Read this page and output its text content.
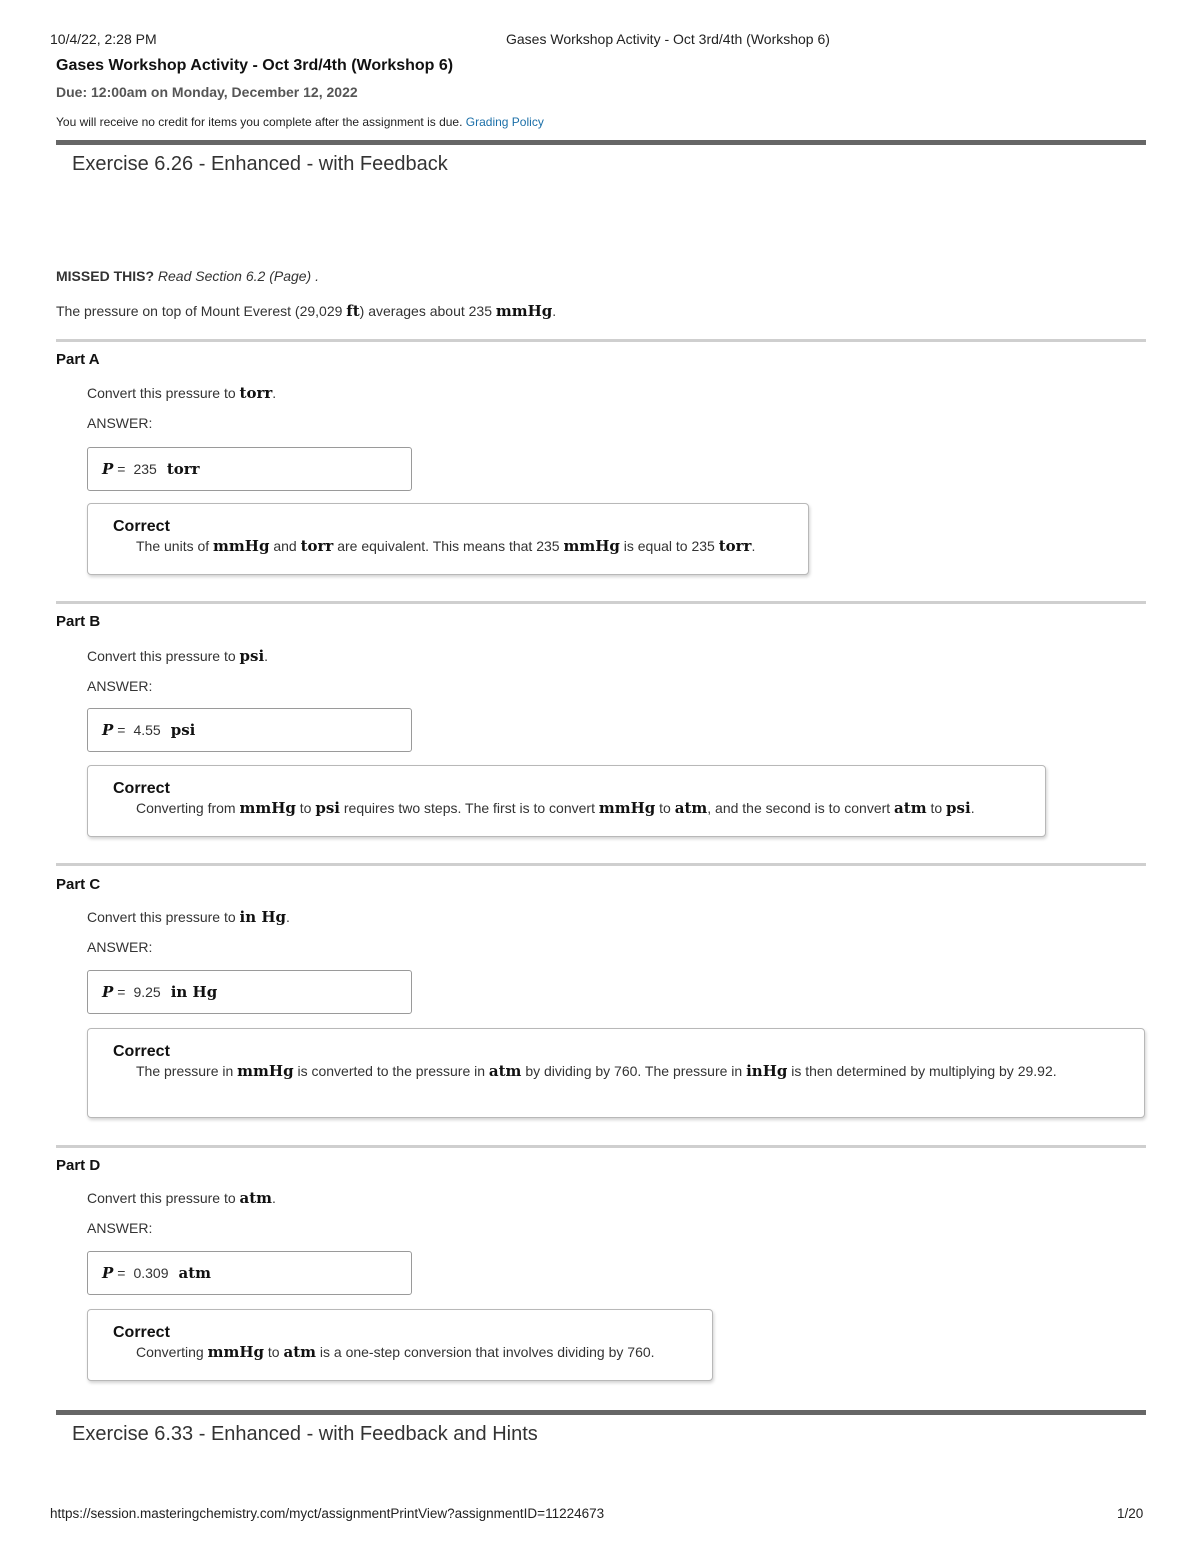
10/4/22, 2:28 PM	Gases Workshop Activity - Oct 3rd/4th (Workshop 6)
Gases Workshop Activity - Oct 3rd/4th (Workshop 6)
Due: 12:00am on Monday, December 12, 2022
You will receive no credit for items you complete after the assignment is due. Grading Policy
Exercise 6.26 - Enhanced - with Feedback
MISSED THIS? Read Section 6.2 (Page) .
The pressure on top of Mount Everest (29,029 ft) averages about 235 mmHg.
Part A
Convert this pressure to torr.
ANSWER:
P = 235 torr
Correct
The units of mmHg and torr are equivalent. This means that 235 mmHg is equal to 235 torr.
Part B
Convert this pressure to psi.
ANSWER:
P = 4.55 psi
Correct
Converting from mmHg to psi requires two steps. The first is to convert mmHg to atm, and the second is to convert atm to psi.
Part C
Convert this pressure to in Hg.
ANSWER:
P = 9.25 in Hg
Correct
The pressure in mmHg is converted to the pressure in atm by dividing by 760. The pressure in inHg is then determined by multiplying by 29.92.
Part D
Convert this pressure to atm.
ANSWER:
P = 0.309 atm
Correct
Converting mmHg to atm is a one-step conversion that involves dividing by 760.
Exercise 6.33 - Enhanced - with Feedback and Hints
https://session.masteringchemistry.com/myct/assignmentPrintView?assignmentID=11224673	1/20
